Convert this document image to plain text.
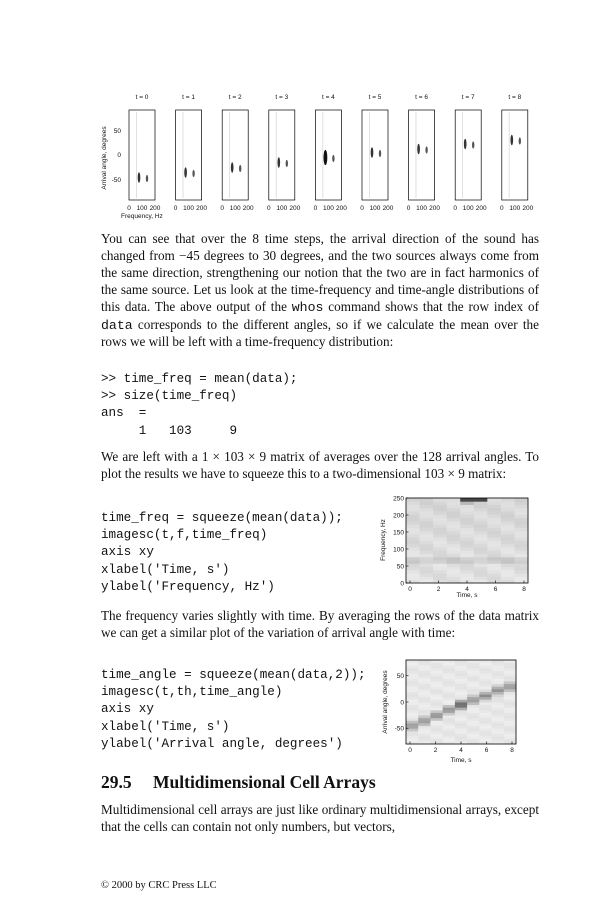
t = 0
0 100 200
t = 1
0 100 200
t = 2
0 100 200
t = 3
0 100 200
t = 4
0 100 200
t = 5
0 100 200
t = 6
0 100 200
t = 7
0 100 200
t = 8
0 100 200
Arrival angle, degrees
Frequency, Hz
50
0
-50
You can see that over the 8 time steps, the arrival direction of the sound has changed from −45 degrees to 30 degrees, and the two sources always come from the same direction, strengthening our notion that the two are in fact harmonics of the same source. Let us look at the time-frequency and time-angle distributions of this data. The above output of the whos command shows that the row index of data corresponds to the different angles, so if we calculate the mean over the rows we will be left with a time-frequency distribution:
>> time_freq = mean(data);
>> size(time_freq)
ans  =
1   103     9
We are left with a 1 × 103 × 9 matrix of averages over the 128 arrival angles. To plot the results we have to squeeze this to a two-dimensional 103 × 9 matrix:
time_freq = squeeze(mean(data));
imagesc(t,f,time_freq)
axis xy
xlabel('Time, s')
ylabel('Frequency, Hz')	0
50
100
150
200
250
0	2	4	6	8
Frequency, Hz
Time, s
The frequency varies slightly with time. By averaging the rows of the data matrix we can get a similar plot of the variation of arrival angle with time:
time_angle = squeeze(mean(data,2));
imagesc(t,th,time_angle)
axis xy
xlabel('Time, s')
ylabel('Arrival angle, degrees')
-50
0
50
0	2	4	6	8
Arrival angle, degrees
Time, s
29.5 Multidimensional Cell Arrays
Multidimensional cell arrays are just like ordinary multidimensional arrays, except that the cells can contain not only numbers, but vectors,
© 2000 by CRC Press LLC
